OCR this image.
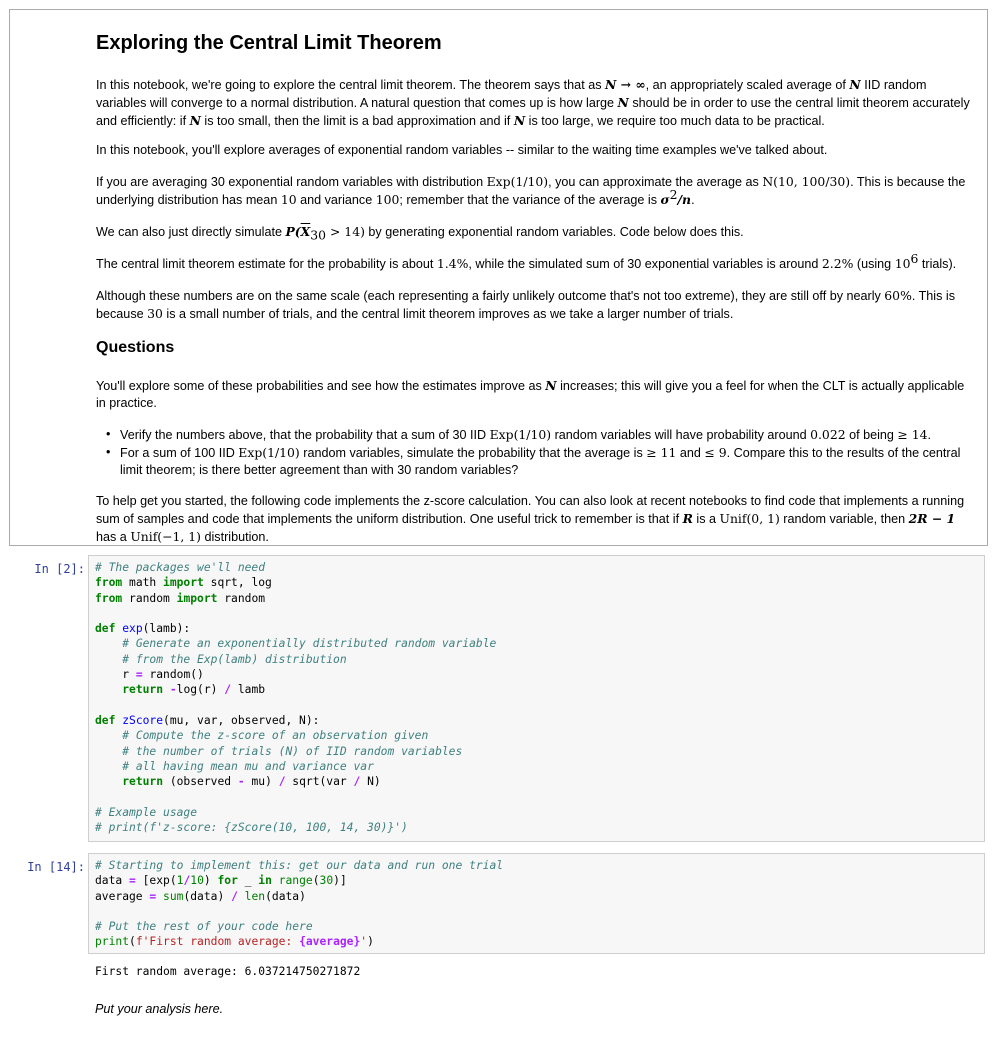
Exploring the Central Limit Theorem
In this notebook, we're going to explore the central limit theorem. The theorem says that as N → ∞, an appropriately scaled average of N IID random variables will converge to a normal distribution. A natural question that comes up is how large N should be in order to use the central limit theorem accurately and efficiently: if N is too small, then the limit is a bad approximation and if N is too large, we require too much data to be practical.
In this notebook, you'll explore averages of exponential random variables -- similar to the waiting time examples we've talked about.
If you are averaging 30 exponential random variables with distribution Exp(1/10), you can approximate the average as N(10, 100/30). This is because the underlying distribution has mean 10 and variance 100; remember that the variance of the average is $\sigma^2/n$.
We can also just directly simulate $P(\overline{X}_{30} > 14)$ by generating exponential random variables. Code below does this.
The central limit theorem estimate for the probability is about 1.4%, while the simulated sum of 30 exponential variables is around 2.2% (using $10^6$ trials).
Although these numbers are on the same scale (each representing a fairly unlikely outcome that's not too extreme), they are still off by nearly 60%. This is because 30 is a small number of trials, and the central limit theorem improves as we take a larger number of trials.
Questions
You'll explore some of these probabilities and see how the estimates improve as N increases; this will give you a feel for when the CLT is actually applicable in practice.
• Verify the numbers above, that the probability that a sum of 30 IID Exp(1/10) random variables will have probability around 0.022 of being ≥ 14.
• For a sum of 100 IID Exp(1/10) random variables, simulate the probability that the average is ≥ 11 and ≤ 9. Compare this to the results of the central limit theorem; is there better agreement than with 30 random variables?
To help get you started, the following code implements the z-score calculation. You can also look at recent notebooks to find code that implements a running sum of samples and code that implements the uniform distribution. One useful trick to remember is that if R is a Unif(0, 1) random variable, then 2R − 1 has a Unif(−1, 1) distribution.
In [2]: # The packages we'll need
from math import sqrt, log
from random import random

def exp(lamb):
# Generate an exponentially distributed random variable
# from the Exp(lamb) distribution
r = random()
return -log(r) / lamb

def zScore(mu, var, observed, N):
# Compute the z-score of an observation given
# the number of trials (N) of IID random variables
# all having mean mu and variance var
return (observed - mu) / sqrt(var / N)

# Example usage
# print(f'z-score: {zScore(10, 100, 14, 30)}')
In [14]: # Starting to implement this: get our data and run one trial
data = [exp(1/10) for _ in range(30)]
average = sum(data) / len(data)

# Put the rest of your code here
print(f'First random average: {average}')
First random average: 6.037214750271872
Put your analysis here.
